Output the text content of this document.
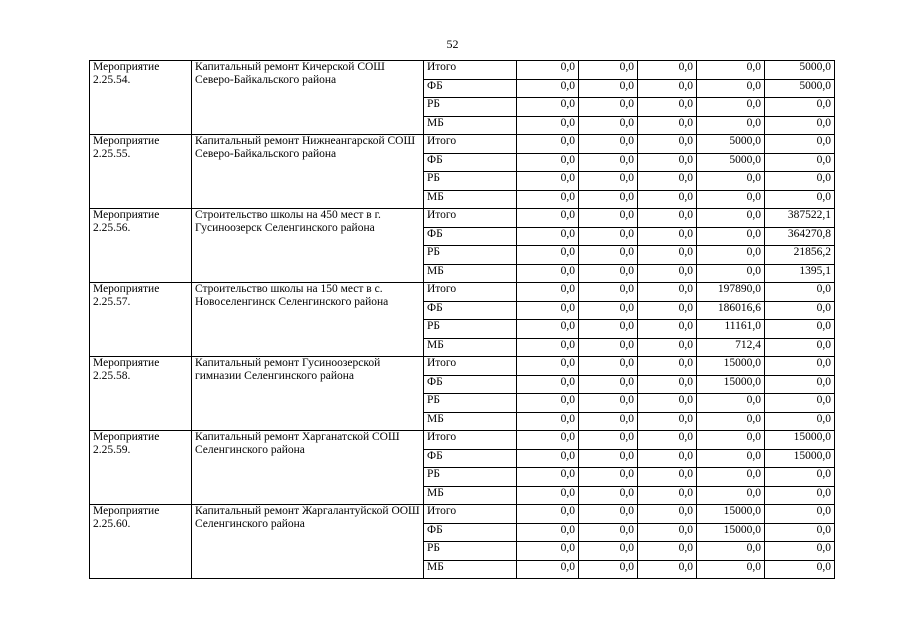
52
Мероприятие
2.25.54.	Капитальный ремонт Кичерской СОШ Северо-Байкальского района	Итого	0,0	0,0	0,0	0,0	5000,0
		ФБ	0,0	0,0	0,0	0,0	5000,0
		РБ	0,0	0,0	0,0	0,0	0,0
		МБ	0,0	0,0	0,0	0,0	0,0

Мероприятие
2.25.55.	Капитальный ремонт Нижнеангарской СОШ Северо-Байкальского района	Итого	0,0	0,0	0,0	5000,0	0,0
		ФБ	0,0	0,0	0,0	5000,0	0,0
		РБ	0,0	0,0	0,0	0,0	0,0
		МБ	0,0	0,0	0,0	0,0	0,0

Мероприятие
2.25.56.	Строительство школы на 450 мест в г. Гусиноозерск Селенгинского района	Итого	0,0	0,0	0,0	0,0	387522,1
		ФБ	0,0	0,0	0,0	0,0	364270,8
		РБ	0,0	0,0	0,0	0,0	21856,2
		МБ	0,0	0,0	0,0	0,0	1395,1

Мероприятие
2.25.57.	Строительство школы на 150 мест в с. Новоселенгинск Селенгинского района	Итого	0,0	0,0	0,0	197890,0	0,0
		ФБ	0,0	0,0	0,0	186016,6	0,0
		РБ	0,0	0,0	0,0	11161,0	0,0
		МБ	0,0	0,0	0,0	712,4	0,0

Мероприятие
2.25.58.	Капитальный ремонт Гусиноозерской гимназии Селенгинского района	Итого	0,0	0,0	0,0	15000,0	0,0
		ФБ	0,0	0,0	0,0	15000,0	0,0
		РБ	0,0	0,0	0,0	0,0	0,0
		МБ	0,0	0,0	0,0	0,0	0,0

Мероприятие
2.25.59.	Капитальный ремонт Харганатской СОШ Селенгинского района	Итого	0,0	0,0	0,0	0,0	15000,0
		ФБ	0,0	0,0	0,0	0,0	15000,0
		РБ	0,0	0,0	0,0	0,0	0,0
		МБ	0,0	0,0	0,0	0,0	0,0

Мероприятие
2.25.60.	Капитальный ремонт Жаргалантуйской ООШ Селенгинского района	Итого	0,0	0,0	0,0	15000,0	0,0
		ФБ	0,0	0,0	0,0	15000,0	0,0
		РБ	0,0	0,0	0,0	0,0	0,0
		МБ	0,0	0,0	0,0	0,0	0,0
